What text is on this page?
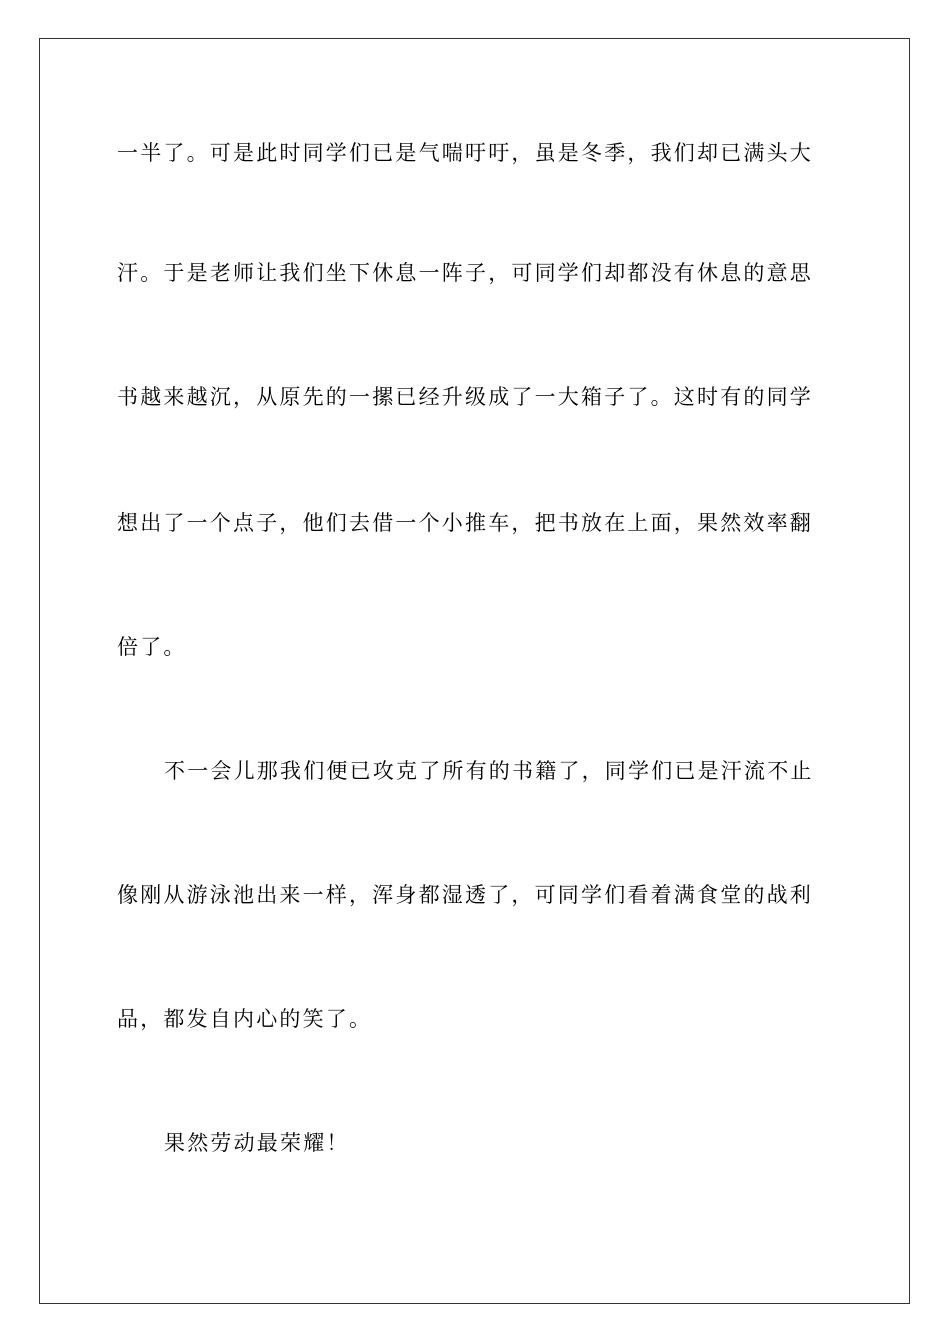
一半了。可是此时同学们已是气喘吁吁，虽是冬季，我们却已满头大
汗。于是老师让我们坐下休息一阵子，可同学们却都没有休息的意思
书越来越沉，从原先的一摞已经升级成了一大箱子了。这时有的同学
想出了一个点子，他们去借一个小推车，把书放在上面，果然效率翻
倍了。
不一会儿那我们便已攻克了所有的书籍了，同学们已是汗流不止
像刚从游泳池出来一样，浑身都湿透了，可同学们看着满食堂的战利
品，都发自内心的笑了。
果然劳动最荣耀！
